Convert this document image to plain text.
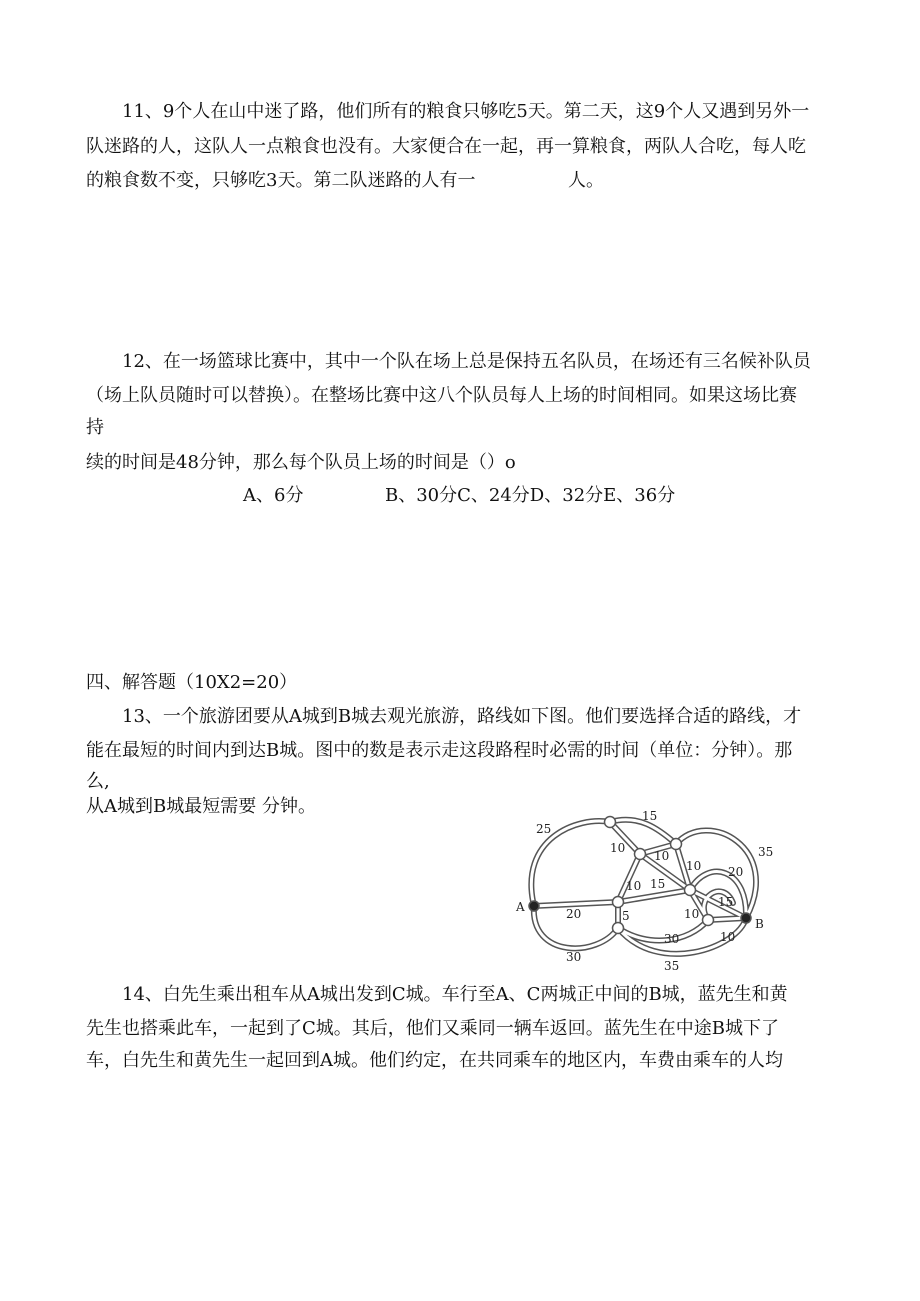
11、9个人在山中迷了路，他们所有的粮食只够吃5天。第二天，这9个人又遇到另外一
队迷路的人，这队人一点粮食也没有。大家便合在一起，再一算粮食，两队人合吃，每人吃
的粮食数不变，只够吃3天。第二队迷路的人有一	人。
12、在一场篮球比赛中，其中一个队在场上总是保持五名队员，在场还有三名候补队员
（场上队员随时可以替换）。在整场比赛中这八个队员每人上场的时间相同。如果这场比赛
持
续的时间是48分钟，那么每个队员上场的时间是（）o
A、6分	B、30分C、24分D、32分E、36分
四、解答题（10X2=20）
13、一个旅游团要从A城到B城去观光旅游，路线如下图。他们要选择合适的路线，才
能在最短的时间内到达B城。图中的数是表示走这段路程时必需的时间（单位：分钟）。那
么,
从A城到B城最短需要 分钟。
A
B
25
15
35
10
10
10
15
10
20
15
20	5	10
30	10
30
35
14、白先生乘出租车从A城出发到C城。车行至A、C两城正中间的B城，蓝先生和黄
先生也搭乘此车，一起到了C城。其后，他们又乘同一辆车返回。蓝先生在中途B城下了
车，白先生和黄先生一起回到A城。他们约定，在共同乘车的地区内，车费由乘车的人均
